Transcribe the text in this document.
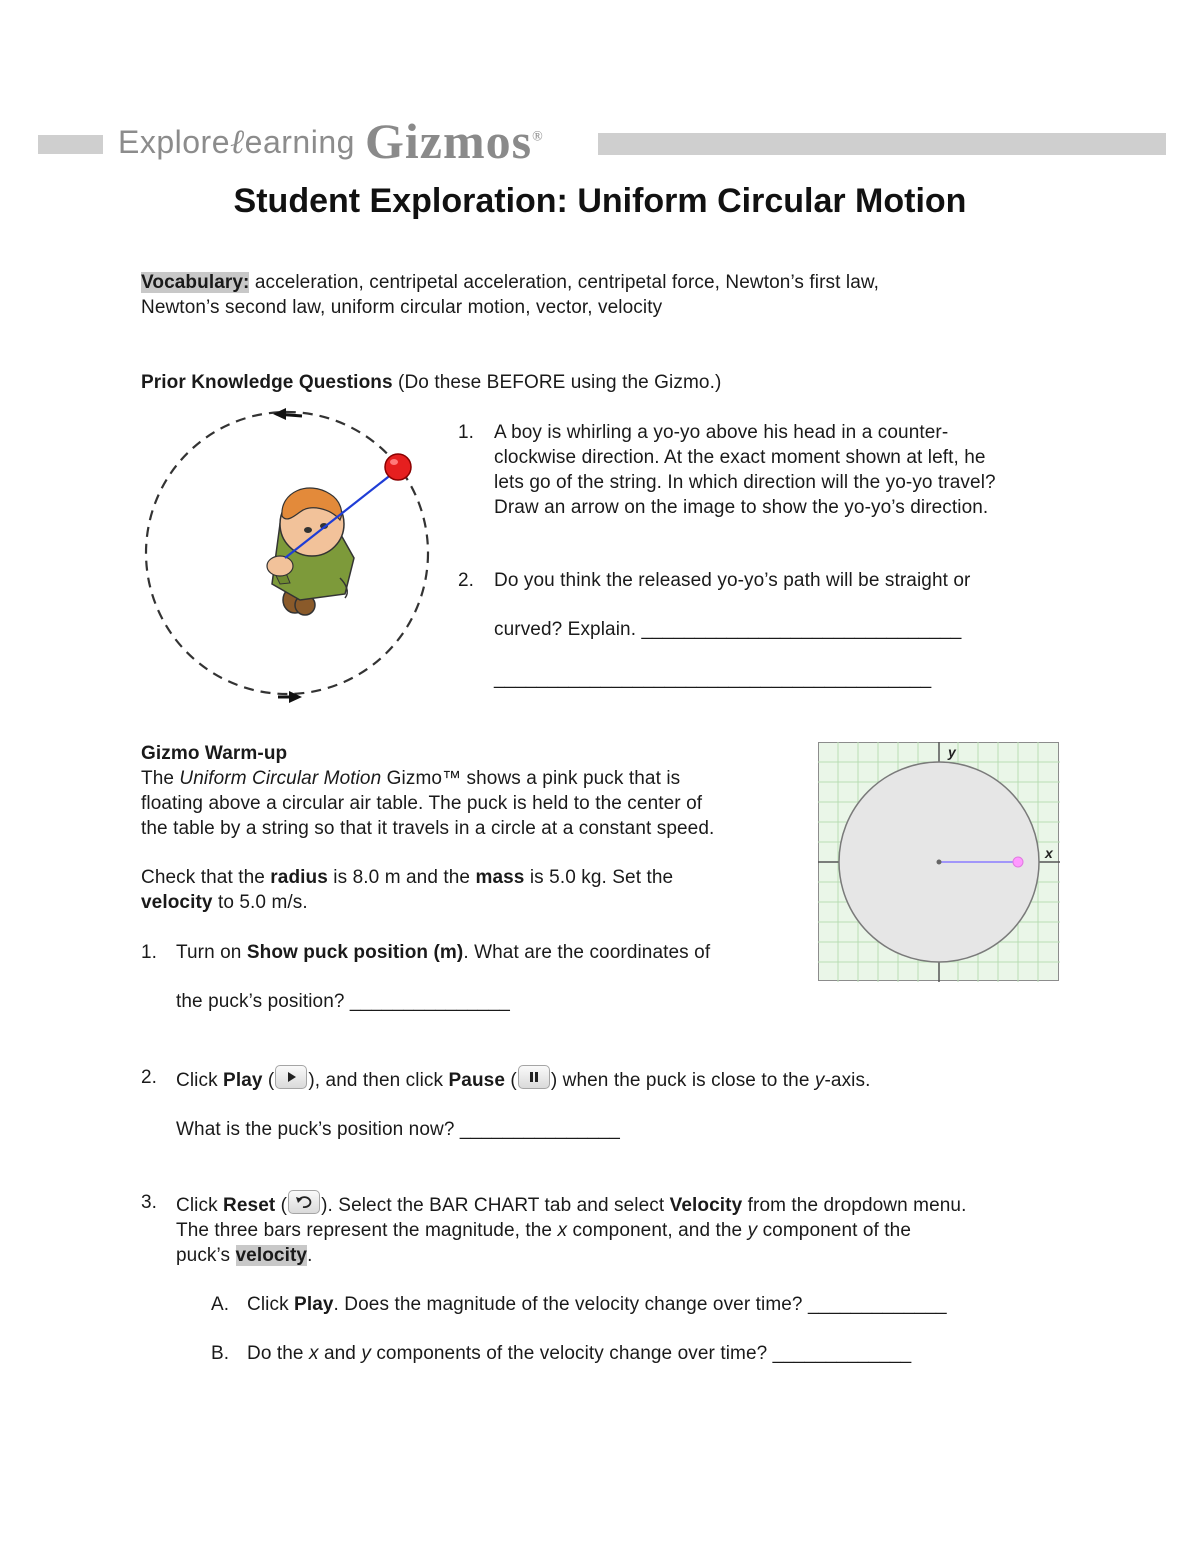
Exploreℓearning Gizmos®
Student Exploration: Uniform Circular Motion
Vocabulary: acceleration, centripetal acceleration, centripetal force, Newton’s first law,
Newton’s second law, uniform circular motion, vector, velocity
Prior Knowledge Questions (Do these BEFORE using the Gizmo.)
1. A boy is whirling a yo-yo above his head in a counter-
clockwise direction. At the exact moment shown at left, he
lets go of the string. In which direction will the yo-yo travel?
Draw an arrow on the image to show the yo-yo’s direction.
2. Do you think the released yo-yo’s path will be straight or
curved? Explain. ______________________________
_________________________________________
Gizmo Warm-up
The Uniform Circular Motion Gizmo™ shows a pink puck that is
floating above a circular air table. The puck is held to the center of
the table by a string so that it travels in a circle at a constant speed.
Check that the radius is 8.0 m and the mass is 5.0 kg. Set the
velocity to 5.0 m/s.
y
x
1. Turn on Show puck position (m). What are the coordinates of
the puck’s position? _______________
2. Click Play ( ), and then click Pause ( ) when the puck is close to the y-axis.
What is the puck’s position now? _______________
3. Click Reset ( ). Select the BAR CHART tab and select Velocity from the dropdown menu.
The three bars represent the magnitude, the x component, and the y component of the
puck’s velocity.
A. Click Play. Does the magnitude of the velocity change over time? _____________
B. Do the x and y components of the velocity change over time? _____________
